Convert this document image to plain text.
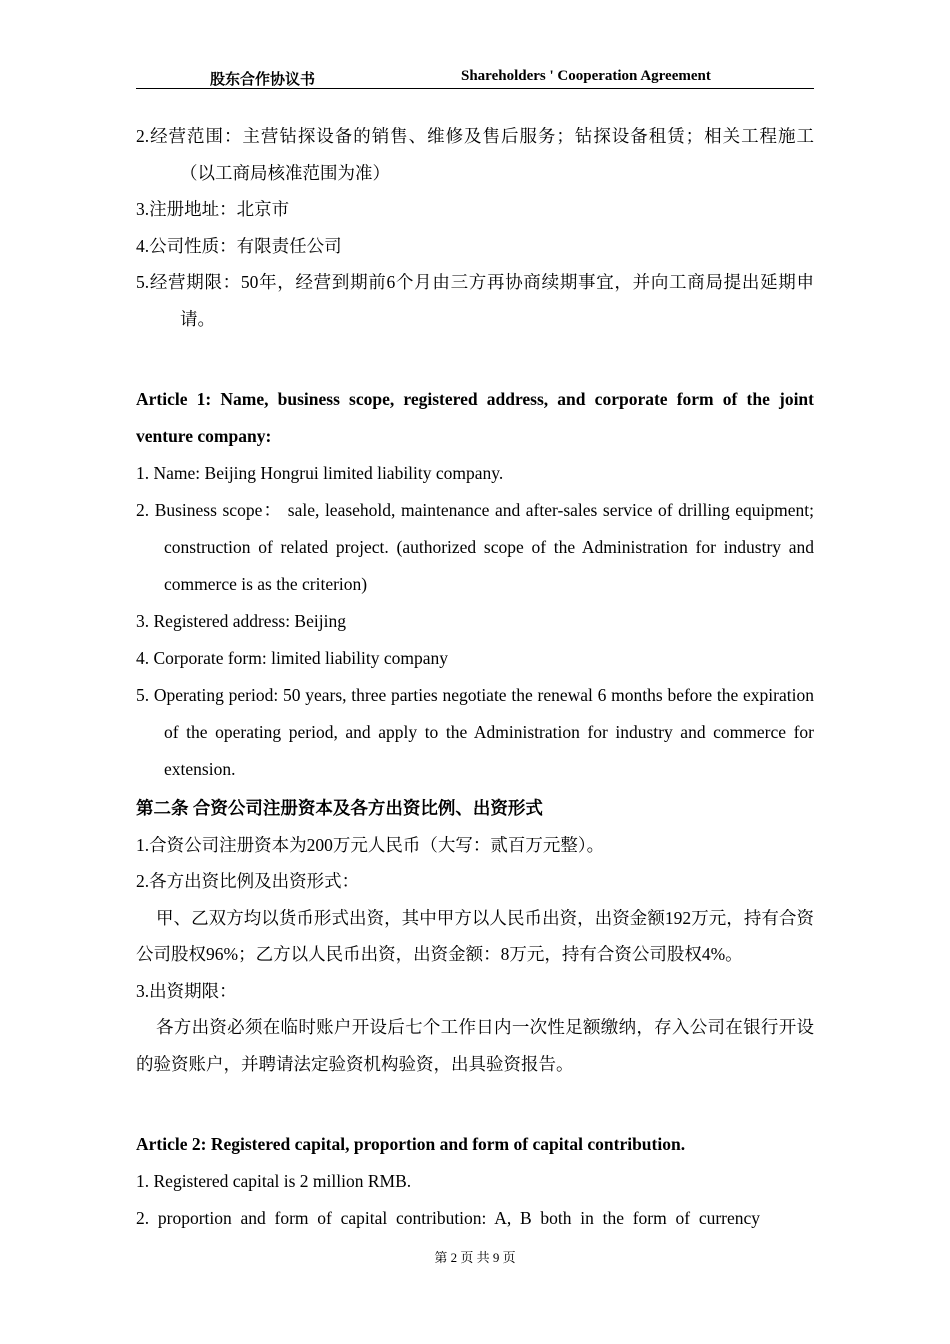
股东合作协议书	Shareholders ' Cooperation Agreement

2.经营范围：主营钻探设备的销售、维修及售后服务；钻探设备租赁；相关工程施工（以工商局核准范围为准）

3.注册地址：北京市

4.公司性质：有限责任公司

5.经营期限：50年，经营到期前6个月由三方再协商续期事宜，并向工商局提出延期申请。

Article 1: Name, business scope, registered address, and corporate form of the joint venture company:

1. Name: Beijing Hongrui limited liability company.

2. Business scope： sale, leasehold, maintenance and after-sales service of drilling equipment; construction of related project. (authorized scope of the Administration for industry and commerce is as the criterion)

3. Registered address: Beijing

4. Corporate form: limited liability company

5. Operating period: 50 years, three parties negotiate the renewal 6 months before the expiration of the operating period, and apply to the Administration for industry and commerce for extension.

第二条 合资公司注册资本及各方出资比例、出资形式

1.合资公司注册资本为200万元人民币（大写：贰百万元整）。

2.各方出资比例及出资形式：

甲、乙双方均以货币形式出资，其中甲方以人民币出资，出资金额192万元，持有合资公司股权96%；乙方以人民币出资，出资金额：8万元，持有合资公司股权4%。

3.出资期限：

各方出资必须在临时账户开设后七个工作日内一次性足额缴纳，存入公司在银行开设的验资账户，并聘请法定验资机构验资，出具验资报告。

Article 2: Registered capital, proportion and form of capital contribution.

1. Registered capital is 2 million RMB.

2.  proportion  and  form  of  capital  contribution:  A,  B  both  in  the  form  of  currency

第 2 页 共 9 页
